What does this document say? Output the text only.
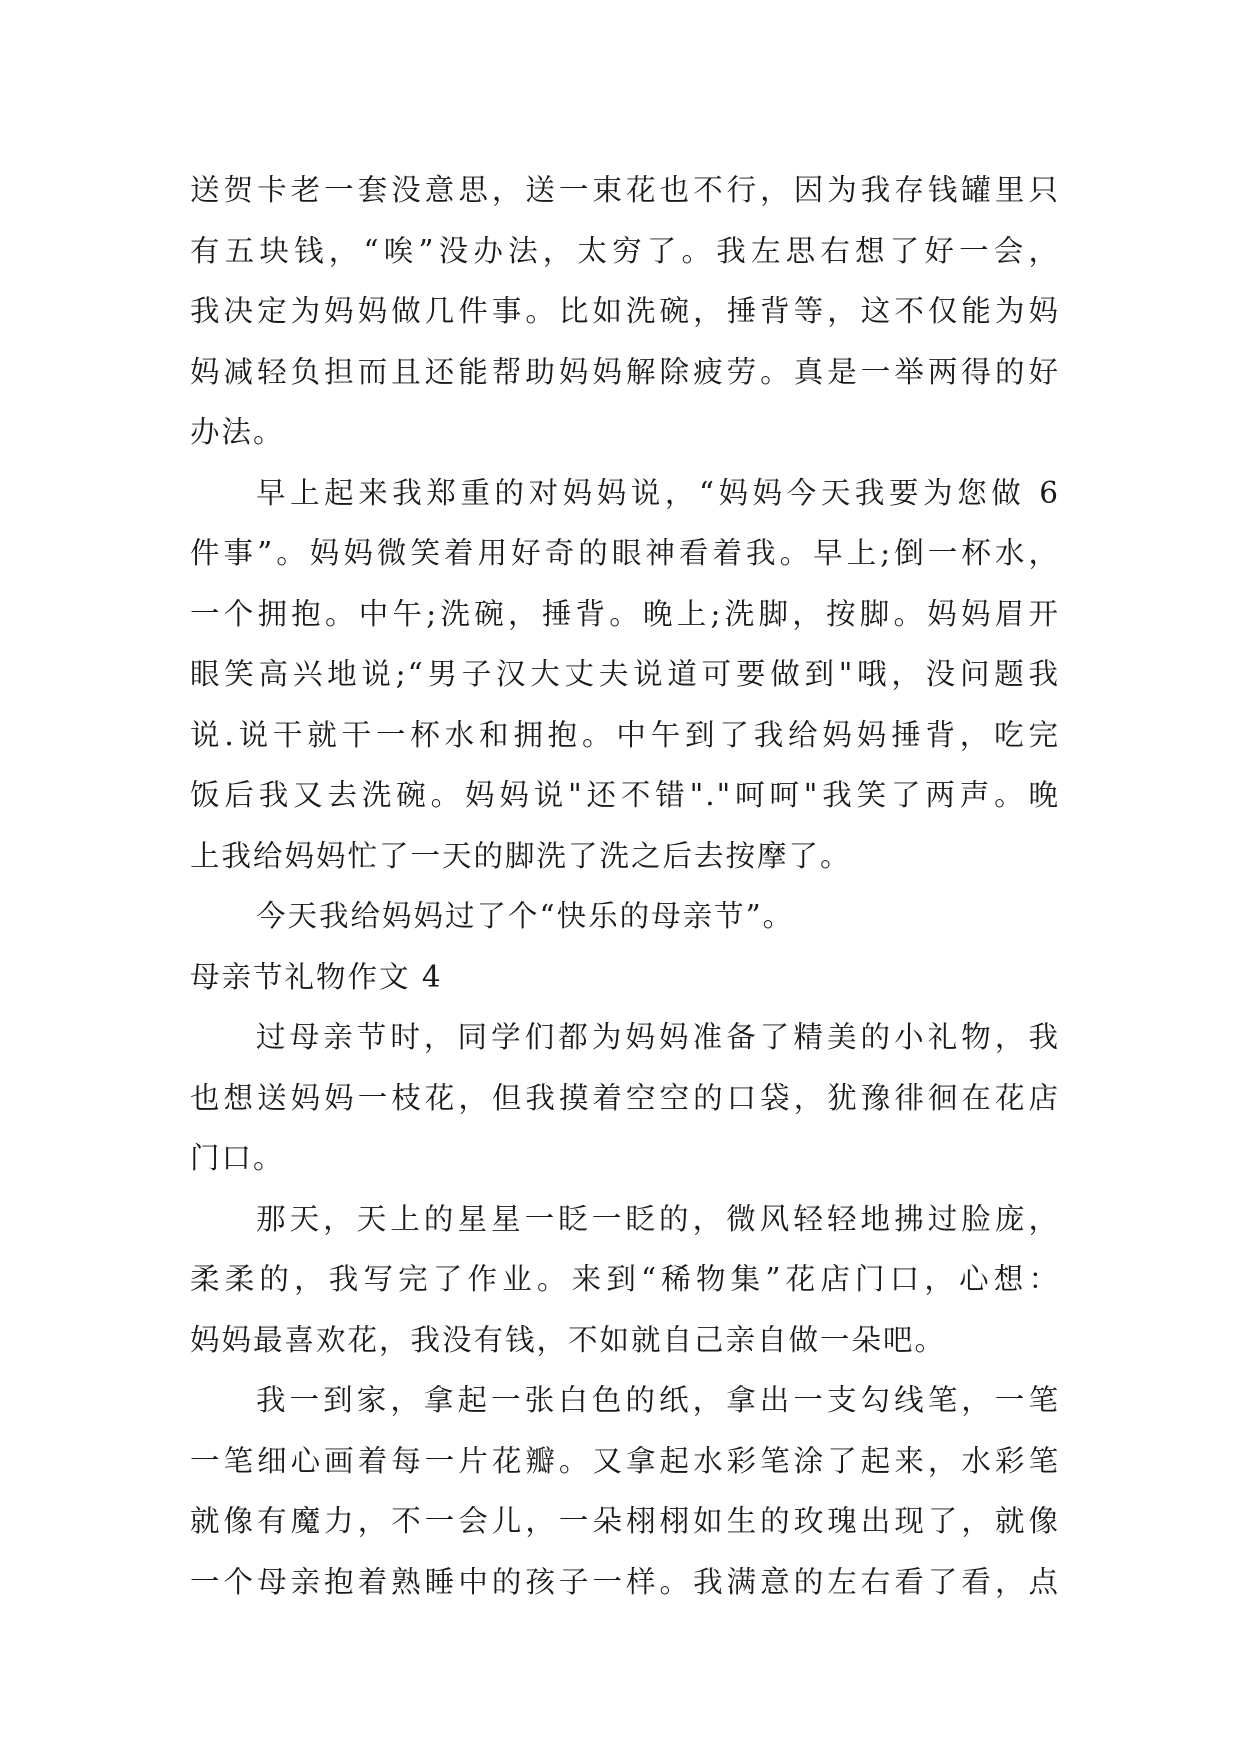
送贺卡老一套没意思，送一束花也不行，因为我存钱罐里只
有五块钱，“唉”没办法，太穷了。我左思右想了好一会，
我决定为妈妈做几件事。比如洗碗，捶背等，这不仅能为妈
妈减轻负担而且还能帮助妈妈解除疲劳。真是一举两得的好
办法。
早上起来我郑重的对妈妈说，“妈妈今天我要为您做 6
件事”。妈妈微笑着用好奇的眼神看着我。早上;倒一杯水，
一个拥抱。中午;洗碗，捶背。晚上;洗脚，按脚。妈妈眉开
眼笑高兴地说;“男子汉大丈夫说道可要做到"哦，没问题我
说.说干就干一杯水和拥抱。中午到了我给妈妈捶背，吃完
饭后我又去洗碗。妈妈说"还不错"."呵呵"我笑了两声。晚
上我给妈妈忙了一天的脚洗了洗之后去按摩了。
今天我给妈妈过了个“快乐的母亲节”。
母亲节礼物作文 4
过母亲节时，同学们都为妈妈准备了精美的小礼物，我
也想送妈妈一枝花，但我摸着空空的口袋，犹豫徘徊在花店
门口。
那天，天上的星星一眨一眨的，微风轻轻地拂过脸庞，
柔柔的，我写完了作业。来到“稀物集”花店门口，心想：
妈妈最喜欢花，我没有钱，不如就自己亲自做一朵吧。
我一到家，拿起一张白色的纸，拿出一支勾线笔，一笔
一笔细心画着每一片花瓣。又拿起水彩笔涂了起来，水彩笔
就像有魔力，不一会儿，一朵栩栩如生的玫瑰出现了，就像
一个母亲抱着熟睡中的孩子一样。我满意的左右看了看，点
